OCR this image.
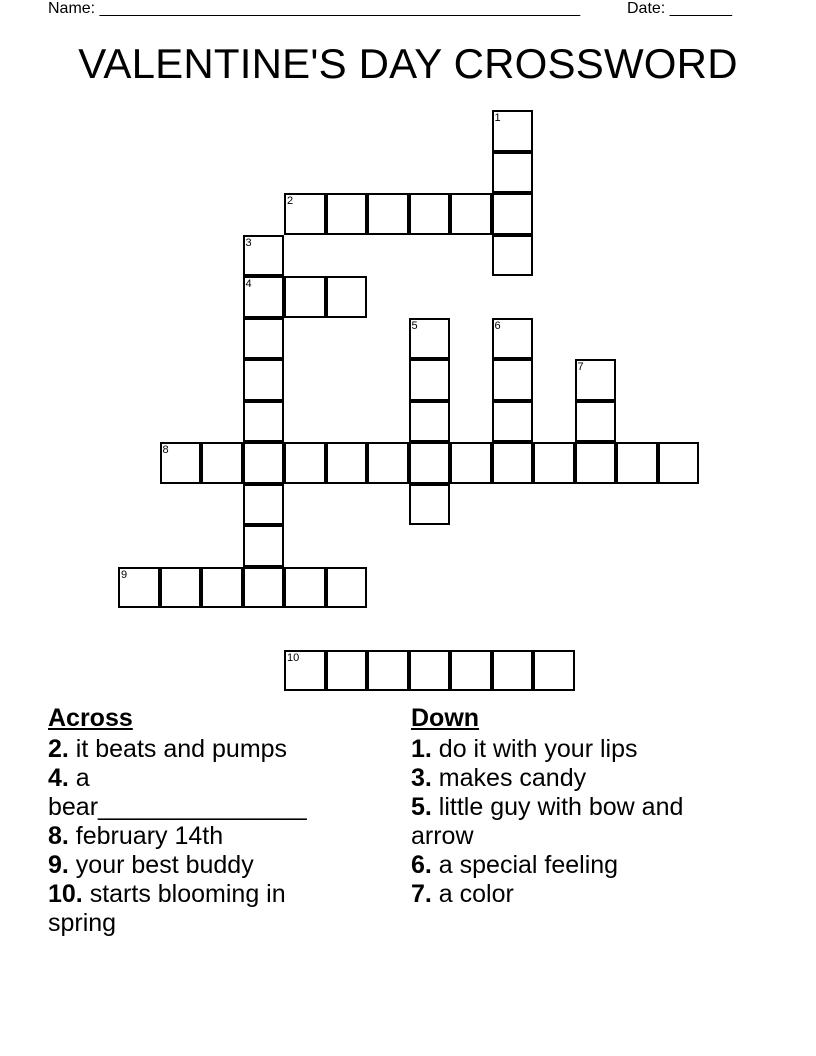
Name: ______________________________________________________	Date: _______
VALENTINE'S DAY CROSSWORD
1
2
3
4
5	6
7
8
9
10
Across
2. it beats and pumps
4. a bear_______________
8. february 14th
9. your best buddy
10. starts blooming in spring
Down
1. do it with your lips
3. makes candy
5. little guy with bow and arrow
6. a special feeling
7. a color
